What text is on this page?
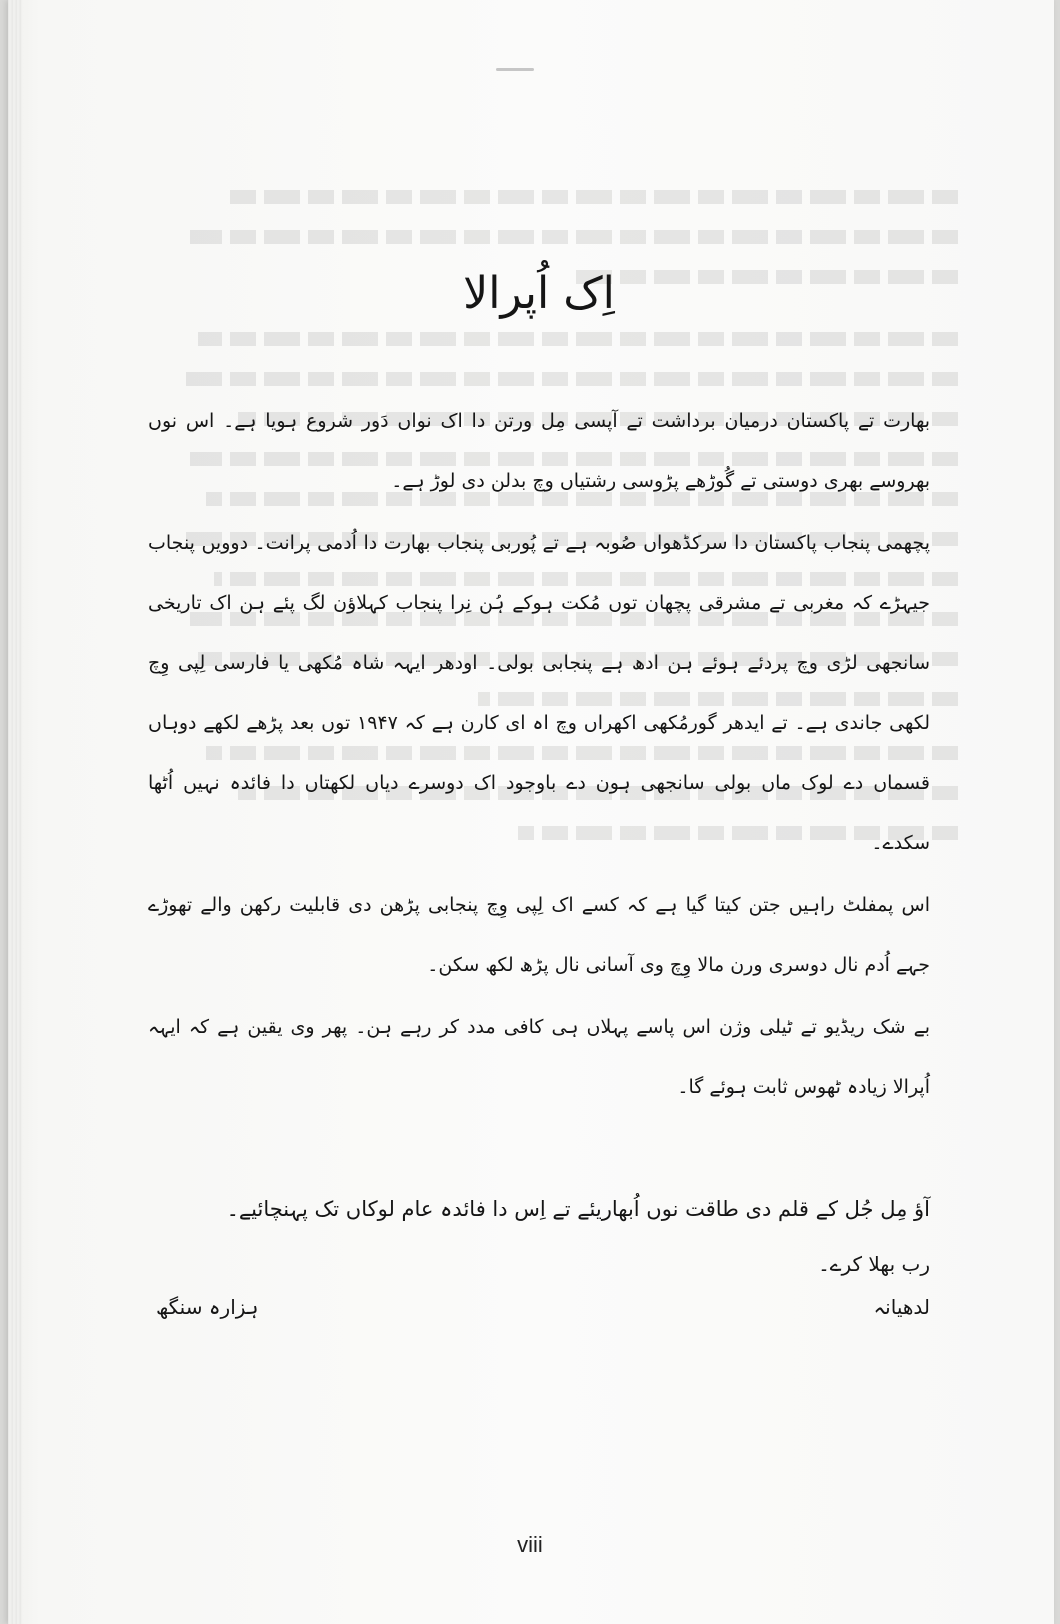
اِک اُپرالا

بھارت تے پاکستان درمیان برداشت تے آپسی مِل ورتن دا اک نواں دَور شروع ہویا ہے۔ اس نوں بھروسے بھری دوستی تے گُوڑھے پڑوسی رشتیاں وچ بدلن دی لوڑ ہے۔

پچھمی پنجاب پاکستان دا سرکڈھواں صُوبہ ہے تے پُوربی پنجاب بھارت دا اُدمی پرانت۔ دوویں پنجاب جیہڑے کہ مغربی تے مشرقی پچھان توں مُکت ہوکے ہُن نِرا پنجاب کہلاؤن لگ پئے ہن اک تاریخی سانجھی لڑی وچ پردئے ہوئے ہن ادھ ہے پنجابی بولی۔ اودھر ایہہ شاہ مُکھی یا فارسی لِپی وِچ لکھی جاندی ہے۔ تے ایدھر گورمُکھی اکھراں وچ اہ ای کارن ہے کہ ۱۹۴۷ توں بعد پڑھے لکھے دوہاں قسماں دے لوک ماں بولی سانجھی ہون دے باوجود اک دوسرے دیاں لکھتاں دا فائدہ نہیں اُٹھا سکدے۔

اس پمفلٹ راہیں جتن کیتا گیا ہے کہ کسے اک لِپی وِچ پنجابی پڑھن دی قابلیت رکھن والے تھوڑے جہے اُدم نال دوسری ورن مالا وِچ وی آسانی نال پڑھ لکھ سکن۔

بے شک ریڈیو تے ٹیلی وژن اس پاسے پہلاں ہی کافی مدد کر رہے ہن۔ پھر وی یقین ہے کہ ایہہ اُپرالا زیادہ ٹھوس ثابت ہوئے گا۔

آؤ مِل جُل کے قلم دی طاقت نوں اُبھاریئے تے اِس دا فائدہ عام لوکاں تک پہنچائیے۔
رب بھلا کرے۔
لدھیانہ
ہزارہ سنگھ
viii
